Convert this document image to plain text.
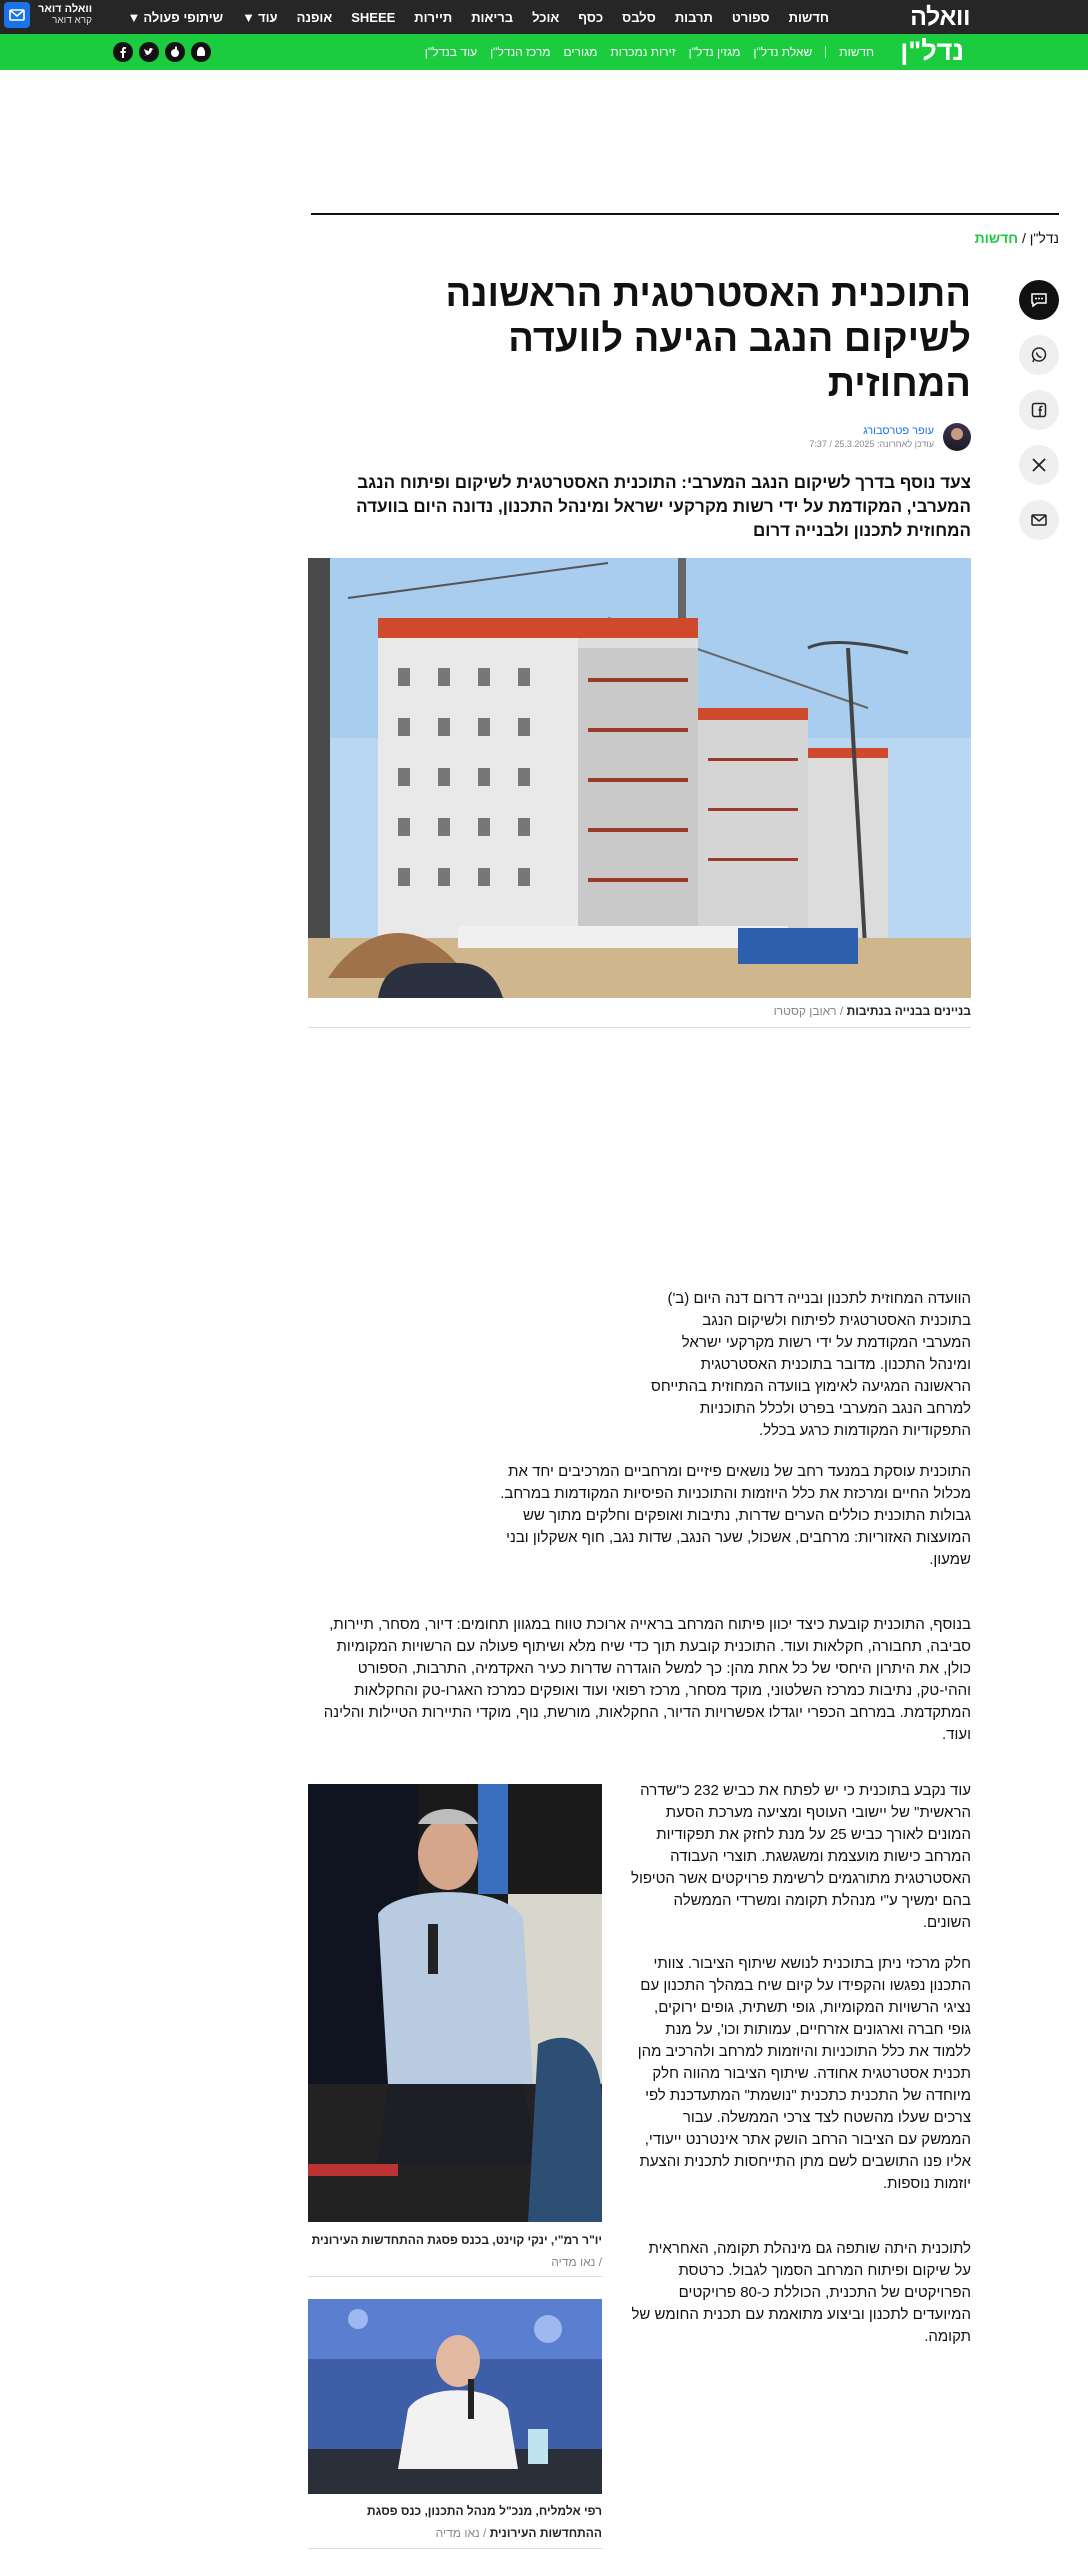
וואלה
חדשות
ספורט
תרבות
סלבס
כסף
אוכל
בריאות
תיירות
SHEEE
אופנה
עוד▼
שיתופי פעולה▼
וואלה דואר
קרא דואר
נדל"ן
חדשות
שאלת נדל"ן
מגזין נדל"ן
זירות נמכרות
מגורים
מרכז הנדל"ן
עוד בנדל"ן
נדל"ן / חדשות
התוכנית האסטרטגית הראשונה לשיקום הנגב הגיעה לוועדה המחוזית
עופר פטרסבורג
עודכן לאחרונה: 25.3.2025 / 7:37

צעד נוסף בדרך לשיקום הנגב המערבי: התוכנית האסטרטגית לשיקום ופיתוח הנגב המערבי, המקודמת על ידי רשות מקרקעי ישראל ומינהל התכנון, נדונה היום בוועדה המחוזית לתכנון ולבנייה דרום

בניינים בבנייה בנתיבות / ראובן קסטרו

הוועדה המחוזית לתכנון ובנייה דרום דנה היום (ב') בתוכנית האסטרטגית לפיתוח ולשיקום הנגב המערבי המקודמת על ידי רשות מקרקעי ישראל ומינהל התכנון. מדובר בתוכנית האסטרטגית הראשונה המגיעה לאימוץ בוועדה המחוזית בהתייחס למרחב הנגב המערבי בפרט ולכלל התוכניות התפקודיות המקודמות כרגע בכלל.

התוכנית עוסקת במנעד רחב של נושאים פיזיים ומרחביים המרכיבים יחד את מכלול החיים ומרכזת את כלל היוזמות והתוכניות הפיסיות המקודמות במרחב. גבולות התוכנית כוללים הערים שדרות, נתיבות ואופקים וחלקים מתוך שש המועצות האזוריות: מרחבים, אשכול, שער הנגב, שדות נגב, חוף אשקלון ובני שמעון.

בנוסף, התוכנית קובעת כיצד יכוון פיתוח המרחב בראייה ארוכת טווח במגוון תחומים: דיור, מסחר, תיירות, סביבה, תחבורה, חקלאות ועוד. התוכנית קובעת תוך כדי שיח מלא ושיתוף פעולה עם הרשויות המקומיות כולן, את היתרון היחסי של כל אחת מהן: כך למשל הוגדרה שדרות כעיר האקדמיה, התרבות, הספורט וההי-טק, נתיבות כמרכז השלטוני, מוקד מסחר, מרכז רפואי ועוד ואופקים כמרכז האגרו-טק והחקלאות המתקדמת. במרחב הכפרי יוגדלו אפשרויות הדיור, החקלאות, מורשת, נוף, מוקדי התיירות הטיילות והלינה ועוד.

עוד נקבע בתוכנית כי יש לפתח את כביש 232 כ"שדרה הראשית" של יישובי העוטף ומציעה מערכת הסעת המונים לאורך כביש 25 על מנת לחזק את תפקודיות המרחב כישות מועצמת ומשגשגת. תוצרי העבודה האסטרטגית מתורגמים לרשימת פרויקטים אשר הטיפול בהם ימשיך ע"י מנהלת תקומה ומשרדי הממשלה השונים.

חלק מרכזי ניתן בתוכנית לנושא שיתוף הציבור. צוותי התכנון נפגשו והקפידו על קיום שיח במהלך התכנון עם נציגי הרשויות המקומיות, גופי תשתית, גופים ירוקים, גופי חברה וארגונים אזרחיים, עמותות וכו', על מנת ללמוד את כלל התוכניות והיוזמות למרחב ולהרכיב מהן תכנית אסטרטגית אחודה. שיתוף הציבור מהווה חלק מיוחדה של התכנית כתכנית "נושמת" המתעדכנת לפי צרכים שעלו מהשטח לצד צרכי הממשלה. עבור הממשק עם הציבור הרחב הושק אתר אינטרנט ייעודי, אליו פנו התושבים לשם מתן התייחסות לתכנית והצעת יוזמות נוספות.

לתוכנית היתה שותפה גם מינהלת תקומה, האחראית על שיקום ופיתוח המרחב הסמוך לגבול. כרטסת הפרויקטים של התכנית, הכוללת כ-80 פרויקטים המיועדים לתכנון וביצוע מתואמת עם תכנית החומש של תקומה.

יו"ר רמ"י, ינקי קוינט, בכנס פסגת ההתחדשות העירונית / נאו מדיה
רפי אלמליח, מנכ"ל מנהל התכנון, כנס פסגת ההתחדשות העירונית / נאו מדיה
